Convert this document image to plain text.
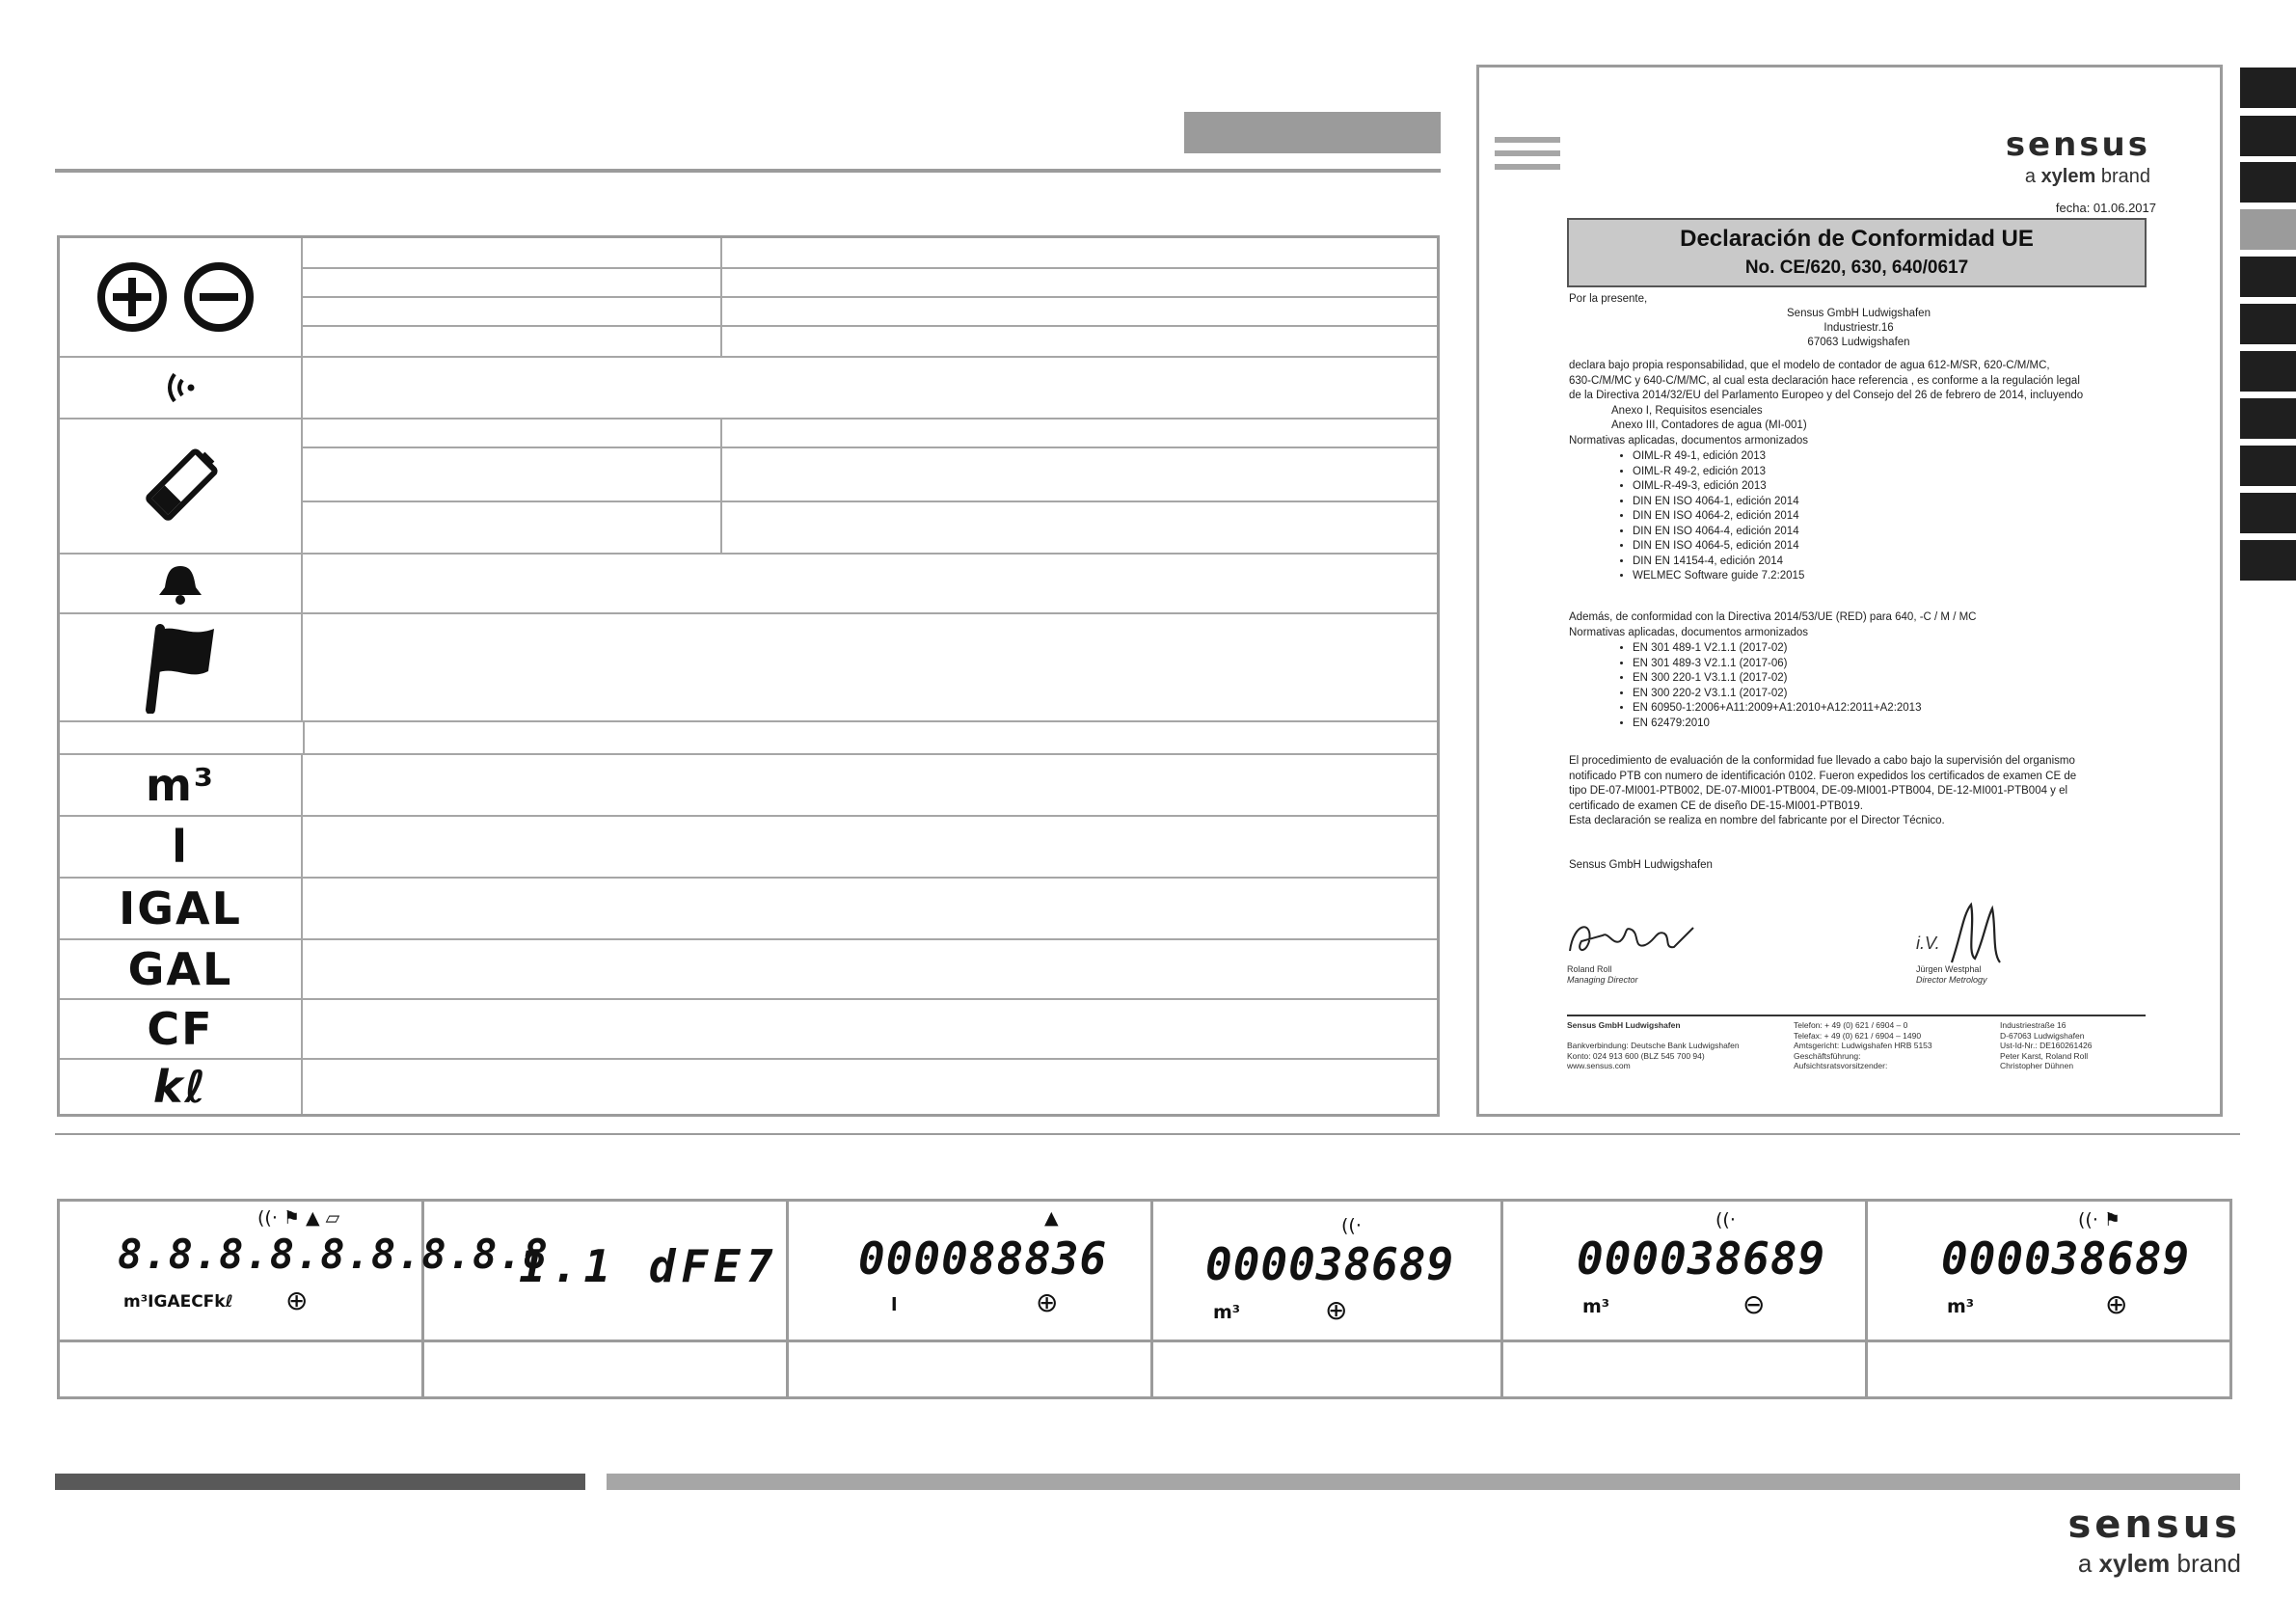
m³
l
IGAL
GAL
CF
kℓ
sensus
a xylem brand
fecha: 01.06.2017
Declaración de Conformidad UE
No. CE/620, 630, 640/0617
Por la presente,
Sensus GmbH Ludwigshafen
Industriestr.16
67063 Ludwigshafen
declara bajo propia responsabilidad, que el modelo de contador de agua 612-M/SR, 620-C/M/MC,
630-C/M/MC y 640-C/M/MC, al cual esta declaración hace referencia , es conforme a la regulación legal
de la Directiva 2014/32/EU del Parlamento Europeo y del Consejo del 26 de febrero de 2014, incluyendo
Anexo I, Requisitos esenciales
Anexo III, Contadores de agua (MI-001)
Normativas aplicadas, documentos armonizados
• OIML-R 49-1, edición 2013
• OIML-R 49-2, edición 2013
• OIML-R-49-3, edición 2013
• DIN EN ISO 4064-1, edición 2014
• DIN EN ISO 4064-2, edición 2014
• DIN EN ISO 4064-4, edición 2014
• DIN EN ISO 4064-5, edición 2014
• DIN EN 14154-4, edición 2014
• WELMEC Software guide 7.2:2015
Además, de conformidad con la Directiva 2014/53/UE (RED) para 640, -C / M / MC
Normativas aplicadas, documentos armonizados
• EN 301 489-1 V2.1.1 (2017-02)
• EN 301 489-3 V2.1.1 (2017-06)
• EN 300 220-1 V3.1.1 (2017-02)
• EN 300 220-2 V3.1.1 (2017-02)
• EN 60950-1:2006+A11:2009+A1:2010+A12:2011+A2:2013
• EN 62479:2010
El procedimiento de evaluación de la conformidad fue llevado a cabo bajo la supervisión del organismo
notificado PTB con numero de identificación 0102. Fueron expedidos los certificados de examen CE de
tipo DE-07-MI001-PTB002, DE-07-MI001-PTB004, DE-09-MI001-PTB004, DE-12-MI001-PTB004 y el
certificado de examen CE de diseño DE-15-MI001-PTB019.
Esta declaración se realiza en nombre del fabricante por el Director Técnico.
Sensus GmbH Ludwigshafen
Roland Roll
Managing Director
i.V.
Jürgen Westphal
Director Metrology
Sensus GmbH Ludwigshafen

Bankverbindung: Deutsche Bank Ludwigshafen
Konto: 024 913 600 (BLZ 545 700 94)
www.sensus.com
Telefon: + 49 (0) 621 / 6904 – 0
Telefax: + 49 (0) 621 / 6904 – 1490
Amtsgericht: Ludwigshafen HRB 5153
Geschäftsführung:
Aufsichtsratsvorsitzender:
Industriestraße 16
D-67063 Ludwigshafen
Ust-Id-Nr.: DE160261426
Peter Karst, Roland Roll
Christopher Dühnen
((· ⚑ ▲ ▱
8.8.8.8.8.8.8.8.8
m³IGAECFkℓ ⊕
1.1 dFE7
▲
000088836
l	⊕
((·
000038689
m³	⊕
((·
000038689
m³	⊖
((· ⚑
000038689
m³	⊕
sensus
a xylem brand
